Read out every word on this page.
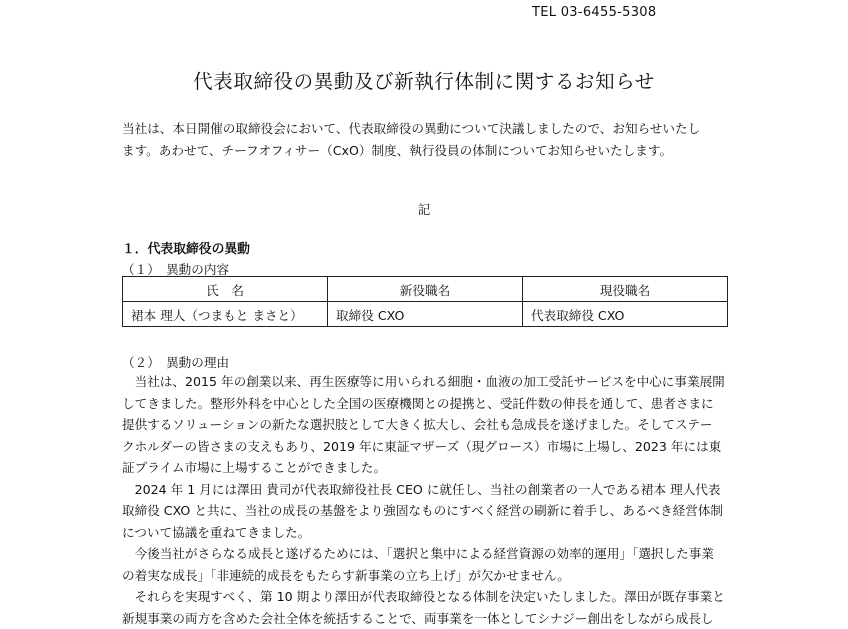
TEL 03-6455-5308
代表取締役の異動及び新執行体制に関するお知らせ

当社は、本日開催の取締役会において、代表取締役の異動について決議しましたので、お知らせいたし
ます。あわせて、チーフオフィサー（CxO）制度、執行役員の体制についてお知らせいたします。

記
１．代表取締役の異動
（１）　異動の内容
氏　名	新役職名	現役職名
裙本 理人（つまもと まさと）	取締役 CXO	代表取締役 CXO
（２）　異動の理由

　当社は、2015 年の創業以来、再生医療等に用いられる細胞・血液の加工受託サービスを中心に事業展開
してきました。整形外科を中心とした全国の医療機関との提携と、受託件数の伸長を通して、患者さまに
提供するソリューションの新たな選択肢として大きく拡大し、会社も急成長を遂げました。そしてステー
クホルダーの皆さまの支えもあり、2019 年に東証マザーズ（現グロース）市場に上場し、2023 年には東
証プライム市場に上場することができました。
　2024 年 1 月には澤田 貴司が代表取締役社長 CEO に就任し、当社の創業者の一人である裙本 理人代表
取締役 CXO と共に、当社の成長の基盤をより強固なものにすべく経営の刷新に着手し、あるべき経営体制
について協議を重ねてきました。
　今後当社がさらなる成長と遂げるためには、「選択と集中による経営資源の効率的運用」「選択した事業
の着実な成長」「非連続的成長をもたらす新事業の立ち上げ」が欠かせません。
　それらを実現すべく、第 10 期より澤田が代表取締役となる体制を決定いたしました。澤田が既存事業と
新規事業の両方を含めた会社全体を統括することで、両事業を一体としてシナジー創出をしながら成長し
